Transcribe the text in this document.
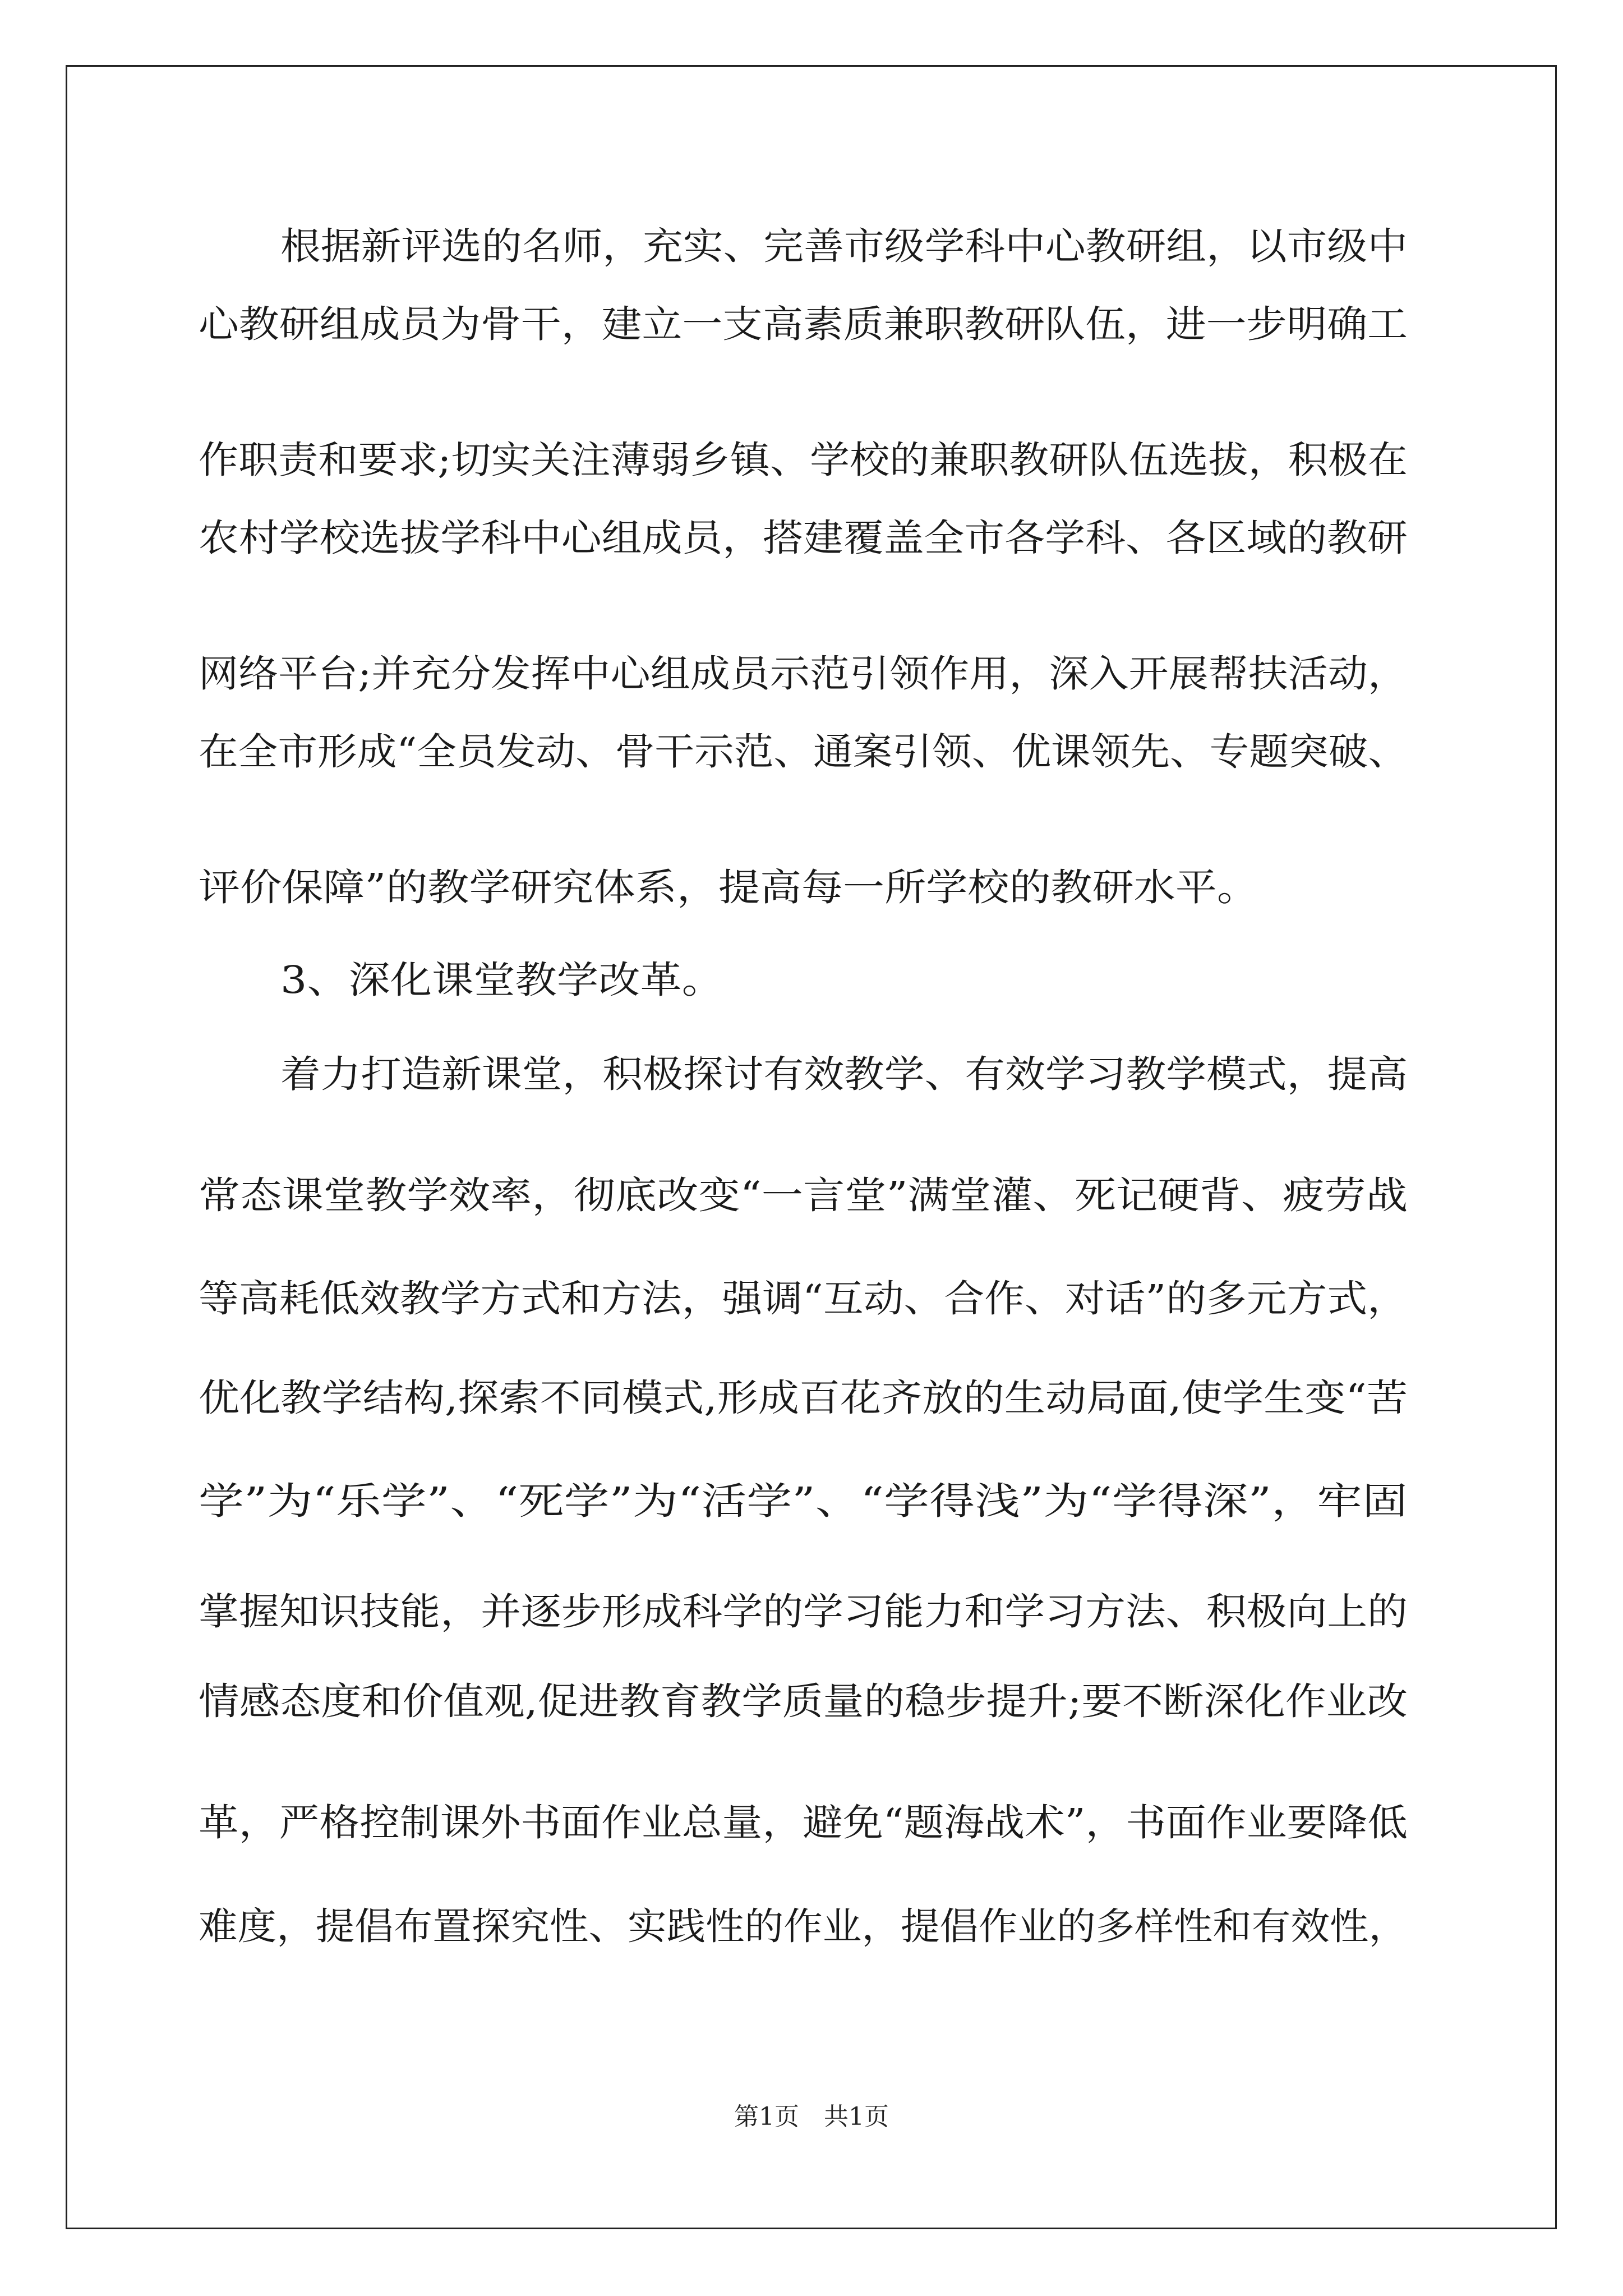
根据新评选的名师，充实、完善市级学科中心教研组，以市级中
心教研组成员为骨干，建立一支高素质兼职教研队伍，进一步明确工
作职责和要求;切实关注薄弱乡镇、学校的兼职教研队伍选拔，积极在
农村学校选拔学科中心组成员，搭建覆盖全市各学科、各区域的教研
网络平台;并充分发挥中心组成员示范引领作用，深入开展帮扶活动，
在全市形成“全员发动、骨干示范、通案引领、优课领先、专题突破、
评价保障”的教学研究体系，提高每一所学校的教研水平。
3、深化课堂教学改革。
着力打造新课堂，积极探讨有效教学、有效学习教学模式，提高
常态课堂教学效率，彻底改变“一言堂”满堂灌、死记硬背、疲劳战
等高耗低效教学方式和方法，强调“互动、合作、对话”的多元方式，
优化教学结构,探索不同模式,形成百花齐放的生动局面,使学生变“苦
学”为“乐学”、“死学”为“活学”、“学得浅”为“学得深”，牢固
掌握知识技能，并逐步形成科学的学习能力和学习方法、积极向上的
情感态度和价值观,促进教育教学质量的稳步提升;要不断深化作业改
革，严格控制课外书面作业总量，避免“题海战术”，书面作业要降低
难度，提倡布置探究性、实践性的作业，提倡作业的多样性和有效性，
第1页　共1页
